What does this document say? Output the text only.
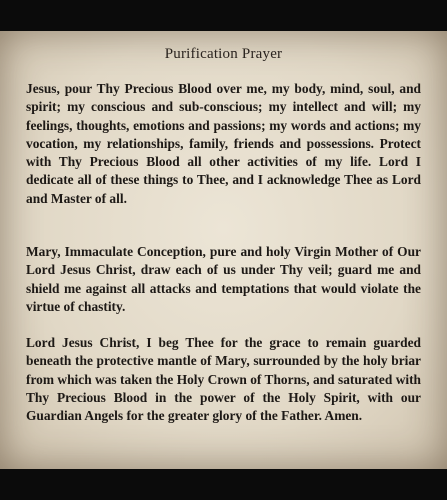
Purification Prayer
Jesus, pour Thy Precious Blood over me, my body, mind, soul, and spirit; my conscious and sub-conscious; my intellect and will; my feelings, thoughts, emotions and passions; my words and actions; my vocation, my relationships, family, friends and possessions. Protect with Thy Precious Blood all other activities of my life. Lord I dedicate all of these things to Thee, and I acknowledge Thee as Lord and Master of all.
Mary, Immaculate Conception, pure and holy Virgin Mother of Our Lord Jesus Christ, draw each of us under Thy veil; guard me and shield me against all attacks and temptations that would violate the virtue of chastity.
Lord Jesus Christ, I beg Thee for the grace to remain guarded beneath the protective mantle of Mary, surrounded by the holy briar from which was taken the Holy Crown of Thorns, and saturated with Thy Precious Blood in the power of the Holy Spirit, with our Guardian Angels for the greater glory of the Father. Amen.
